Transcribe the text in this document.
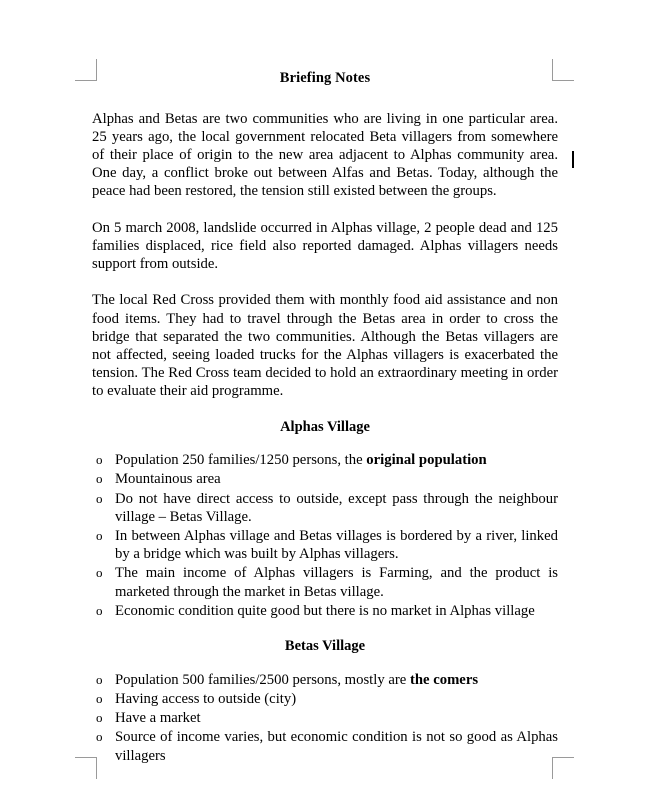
Briefing Notes

Alphas and Betas are two communities who are living in one particular area. 25 years ago, the local government relocated Beta villagers from somewhere of their place of origin to the new area adjacent to Alphas community area. One day, a conflict broke out between Alfas and Betas. Today, although the peace had been restored, the tension still existed between the groups.

On 5 march 2008, landslide occurred in Alphas village, 2 people dead and 125 families displaced, rice field also reported damaged. Alphas villagers needs support from outside.

The local Red Cross provided them with monthly food aid assistance and non food items. They had to travel through the Betas area in order to cross the bridge that separated the two communities. Although the Betas villagers are not affected, seeing loaded trucks for the Alphas villagers is exacerbated the tension. The Red Cross team decided to hold an extraordinary meeting in order to evaluate their aid programme.

Alphas Village
o Population 250 families/1250 persons, the original population
o Mountainous area
o Do not have direct access to outside, except pass through the neighbour village – Betas Village.
o In between Alphas village and Betas villages is bordered by a river, linked by a bridge which was built by Alphas villagers.
o The main income of Alphas villagers is Farming, and the product is marketed through the market in Betas village.
o Economic condition quite good but there is no market in Alphas village
Betas Village
o Population 500 families/2500 persons, mostly are the comers
o Having access to outside (city)
o Have a market
o Source of income varies, but economic condition is not so good as Alphas villagers
